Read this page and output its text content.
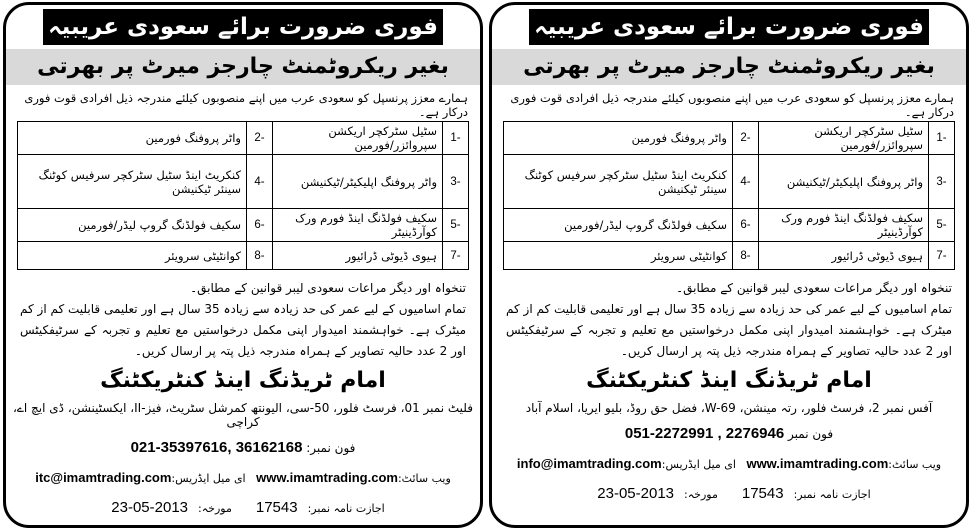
فوری ضرورت برائے سعودی عریبیہ
بغیر ریکروٹمنٹ چارجز میرٹ پر بھرتی
ہمارے معزز پرنسپل کو سعودی عرب میں اپنے منصوبوں کیلئے مندرجہ ذیل افرادی قوت فوری درکار ہے۔
1-	سٹیل سٹرکچر اریکشن سپروائزر/فورمین	2-	واٹر پروفنگ فورمین
3-	واٹر پروفنگ اپلیکیٹر/ٹیکنیشن	4-	کنکریٹ اینڈ سٹیل سٹرکچر سرفیس کوٹنگ سینئر ٹیکنیشن
5-	سکیف فولڈنگ اینڈ فورم ورک کوآرڈینیٹر	6-	سکیف فولڈنگ گروپ لیڈر/فورمین
7-	ہیوی ڈیوٹی ڈرائیور	8-	کوانٹیٹی سرویئر
تنخواہ اور دیگر مراعات سعودی لیبر قوانین کے مطابق۔
تمام اسامیوں کے لیے عمر کی حد زیادہ سے زیادہ 35 سال ہے اور تعلیمی قابلیت کم از کم میٹرک ہے۔ خواہشمند امیدوار اپنی مکمل درخواستیں مع تعلیم و تجربہ کے سرٹیفکیٹس اور 2 عدد حالیہ تصاویر کے ہمراہ مندرجہ ذیل پتہ پر ارسال کریں۔
امام ٹریڈنگ اینڈ کنٹریکٹنگ
فلیٹ نمبر 01، فرسٹ فلور، 50-سی، الیونتھ کمرشل سٹریٹ، فیز-II، ایکسٹینشن، ڈی ایچ اے، کراچی
فون نمبر: 021-35397616, 36162168
ویب سائٹ:www.imamtrading.com   ای میل ایڈریس:itc@imamtrading.com
اجازت نامہ نمبر:17543    مورخہ:23-05-2013
فوری ضرورت برائے سعودی عریبیہ
بغیر ریکروٹمنٹ چارجز میرٹ پر بھرتی
ہمارے معزز پرنسپل کو سعودی عرب میں اپنے منصوبوں کیلئے مندرجہ ذیل افرادی قوت فوری درکار ہے۔
1-	سٹیل سٹرکچر اریکشن سپروائزر/فورمین	2-	واٹر پروفنگ فورمین
3-	واٹر پروفنگ اپلیکیٹر/ٹیکنیشن	4-	کنکریٹ اینڈ سٹیل سٹرکچر سرفیس کوٹنگ سینئر ٹیکنیشن
5-	سکیف فولڈنگ اینڈ فورم ورک کوآرڈینیٹر	6-	سکیف فولڈنگ گروپ لیڈر/فورمین
7-	ہیوی ڈیوٹی ڈرائیور	8-	کوانٹیٹی سرویئر
تنخواہ اور دیگر مراعات سعودی لیبر قوانین کے مطابق۔
تمام اسامیوں کے لیے عمر کی حد زیادہ سے زیادہ 35 سال ہے اور تعلیمی قابلیت کم از کم میٹرک ہے۔ خواہشمند امیدوار اپنی مکمل درخواستیں مع تعلیم و تجربہ کے سرٹیفکیٹس اور 2 عدد حالیہ تصاویر کے ہمراہ مندرجہ ذیل پتہ پر ارسال کریں۔
امام ٹریڈنگ اینڈ کنٹریکٹنگ
آفس نمبر 2، فرسٹ فلور، رتہ مینشن، W-69، فضل حق روڈ، بلیو ایریا، اسلام آباد
فون نمبر 051-2272991 , 2276946
ویب سائٹ:www.imamtrading.com   ای میل ایڈریس:info@imamtrading.com
اجازت نامہ نمبر:17543    مورخہ:23-05-2013
